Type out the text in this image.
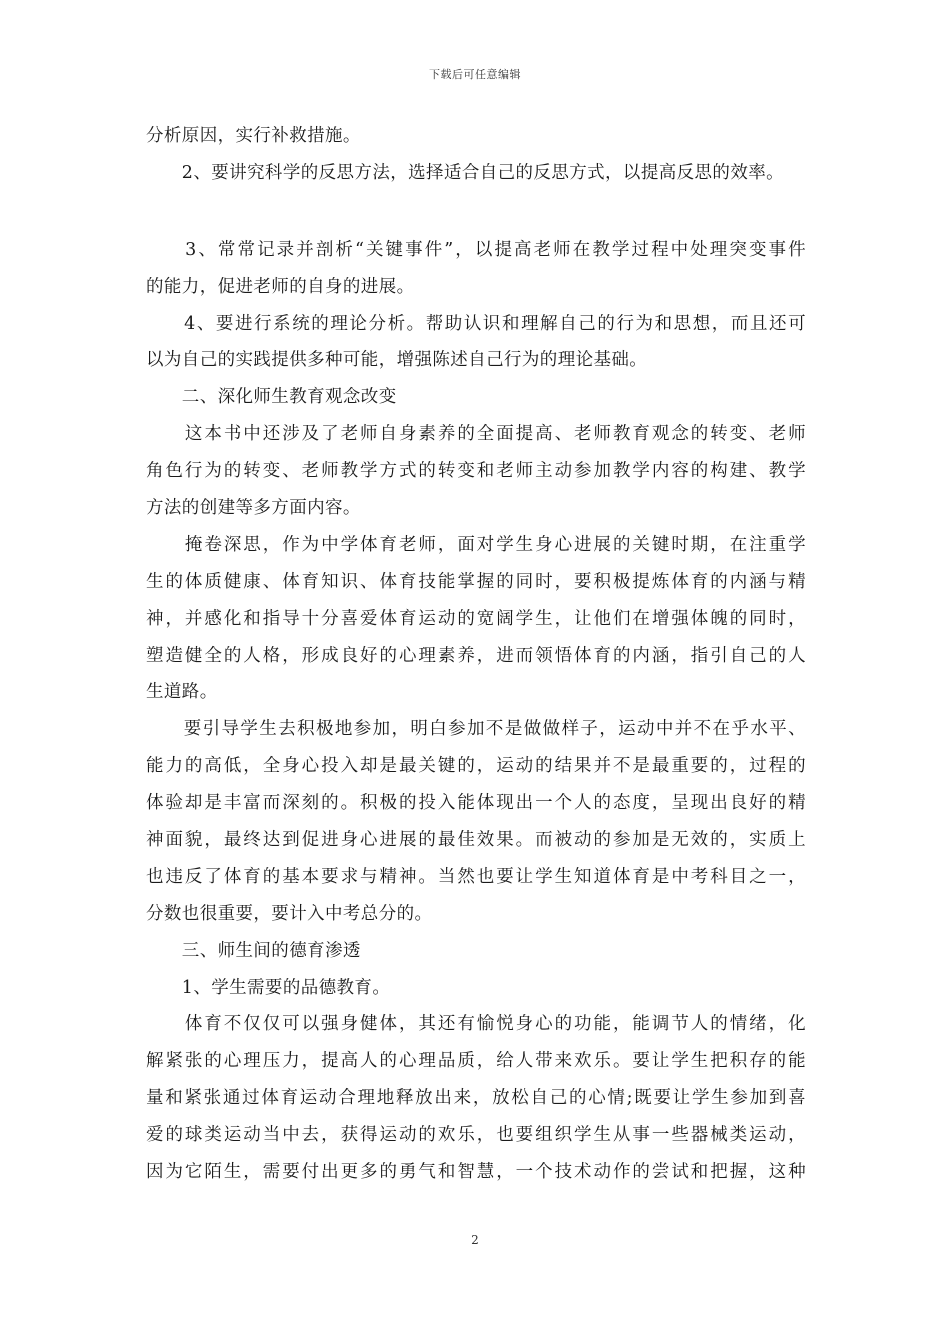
下载后可任意编辑
分析原因，实行补救措施。
　　2、要讲究科学的反思方法，选择适合自己的反思方式，以提高反思的效率。
　　3、常常记录并剖析“关键事件”，以提高老师在教学过程中处理突变事件
的能力，促进老师的自身的进展。
　　4、要进行系统的理论分析。帮助认识和理解自己的行为和思想，而且还可
以为自己的实践提供多种可能，增强陈述自己行为的理论基础。
　　二、深化师生教育观念改变
　　这本书中还涉及了老师自身素养的全面提高、老师教育观念的转变、老师
角色行为的转变、老师教学方式的转变和老师主动参加教学内容的构建、教学
方法的创建等多方面内容。
　　掩卷深思，作为中学体育老师，面对学生身心进展的关键时期，在注重学
生的体质健康、体育知识、体育技能掌握的同时，要积极提炼体育的内涵与精
神，并感化和指导十分喜爱体育运动的宽阔学生，让他们在增强体魄的同时，
塑造健全的人格，形成良好的心理素养，进而领悟体育的内涵，指引自己的人
生道路。
　　要引导学生去积极地参加，明白参加不是做做样子，运动中并不在乎水平、
能力的高低，全身心投入却是最关键的，运动的结果并不是最重要的，过程的
体验却是丰富而深刻的。积极的投入能体现出一个人的态度，呈现出良好的精
神面貌，最终达到促进身心进展的最佳效果。而被动的参加是无效的，实质上
也违反了体育的基本要求与精神。当然也要让学生知道体育是中考科目之一，
分数也很重要，要计入中考总分的。
　　三、师生间的德育渗透
　　1、学生需要的品德教育。
　　体育不仅仅可以强身健体，其还有愉悦身心的功能，能调节人的情绪，化
解紧张的心理压力，提高人的心理品质，给人带来欢乐。要让学生把积存的能
量和紧张通过体育运动合理地释放出来，放松自己的心情;既要让学生参加到喜
爱的球类运动当中去，获得运动的欢乐，也要组织学生从事一些器械类运动，
因为它陌生，需要付出更多的勇气和智慧，一个技术动作的尝试和把握，这种
2
